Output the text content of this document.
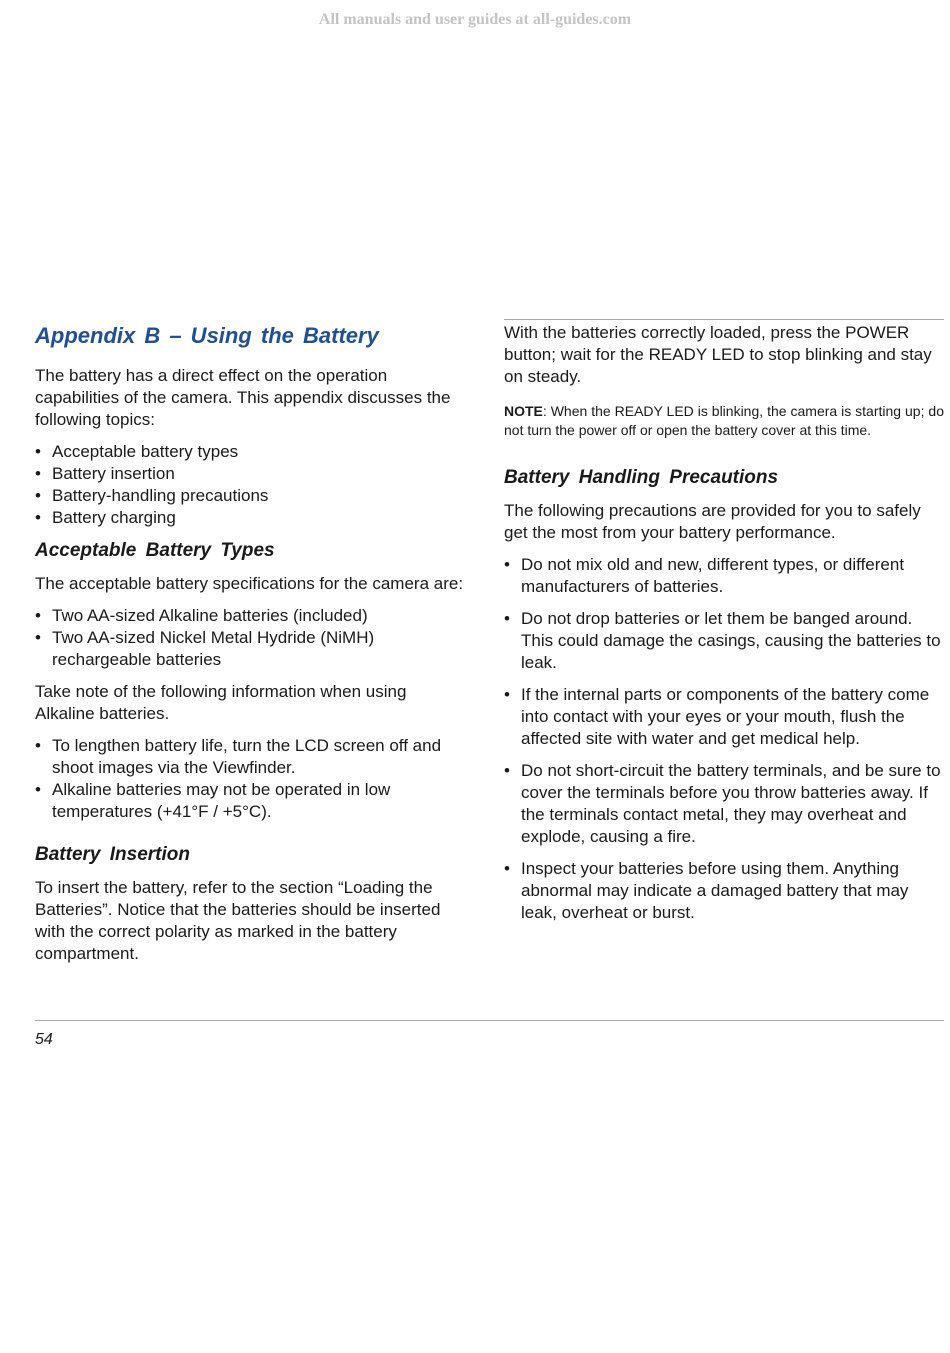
All manuals and user guides at all-guides.com
Appendix B – Using the Battery

The battery has a direct effect on the operation capabilities of the camera. This appendix discusses the following topics:

• Acceptable battery types
• Battery insertion
• Battery-handling precautions
• Battery charging
Acceptable Battery Types

The acceptable battery specifications for the camera are:

• Two AA-sized Alkaline batteries (included)
• Two AA-sized Nickel Metal Hydride (NiMH) rechargeable batteries

Take note of the following information when using Alkaline batteries.

• To lengthen battery life, turn the LCD screen off and shoot images via the Viewfinder.
• Alkaline batteries may not be operated in low temperatures (+41°F / +5°C).
Battery Insertion

To insert the battery, refer to the section “Loading the Batteries”. Notice that the batteries should be inserted with the correct polarity as marked in the battery compartment.

With the batteries correctly loaded, press the POWER button; wait for the READY LED to stop blinking and stay on steady.

NOTE: When the READY LED is blinking, the camera is starting up; do not turn the power off or open the battery cover at this time.

Battery Handling Precautions

The following precautions are provided for you to safely get the most from your battery performance.

• Do not mix old and new, different types, or different manufacturers of batteries.
• Do not drop batteries or let them be banged around. This could damage the casings, causing the batteries to leak.
• If the internal parts or components of the battery come into contact with your eyes or your mouth, flush the affected site with water and get medical help.
• Do not short-circuit the battery terminals, and be sure to cover the terminals before you throw batteries away. If the terminals contact metal, they may overheat and explode, causing a fire.
• Inspect your batteries before using them. Anything abnormal may indicate a damaged battery that may leak, overheat or burst.
54
